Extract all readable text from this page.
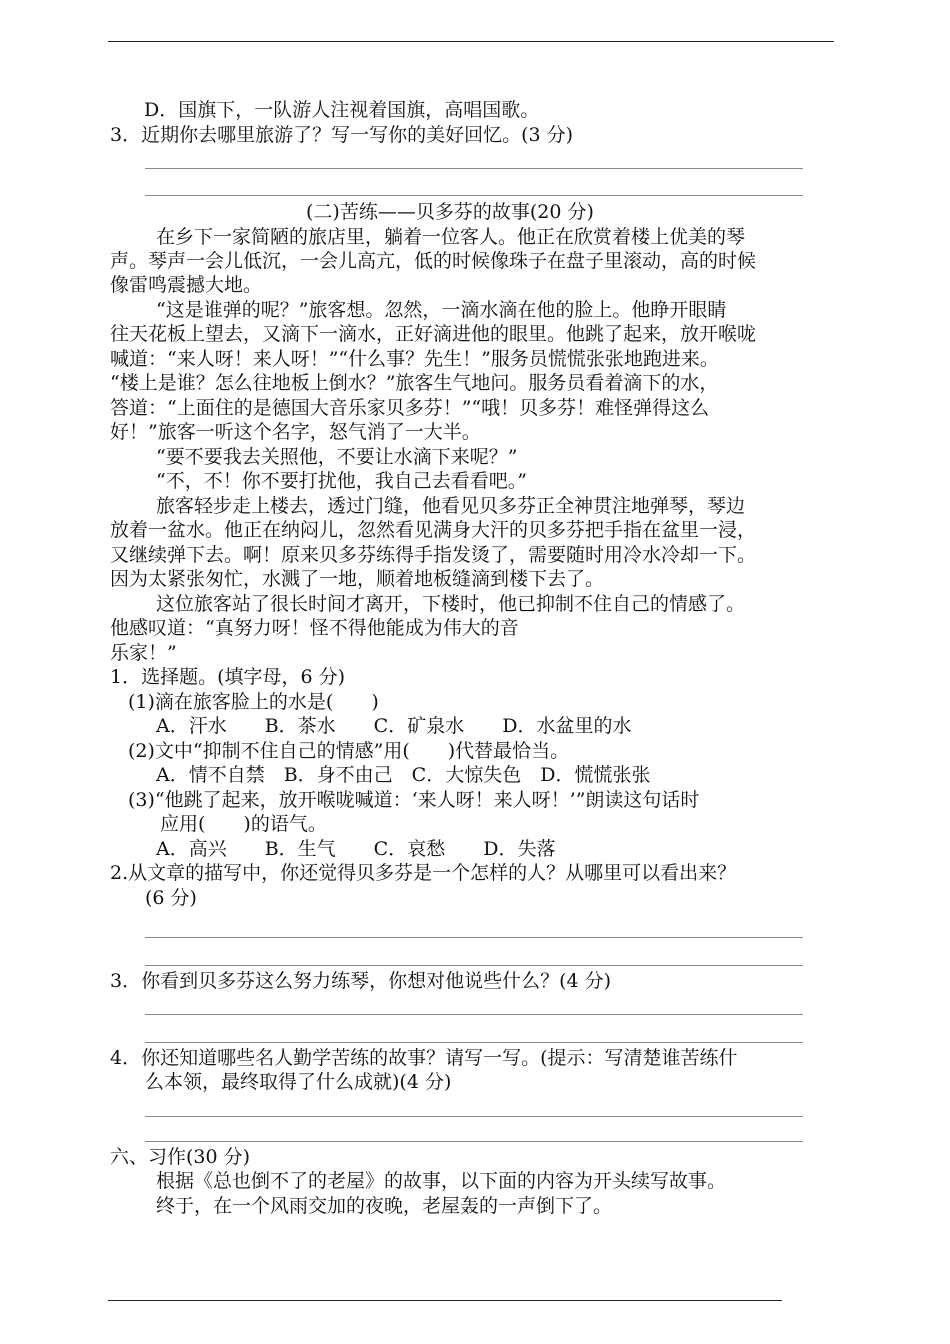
D．国旗下，一队游人注视着国旗，高唱国歌。
3．近期你去哪里旅游了？写一写你的美好回忆。(3 分)
(二)苦练——贝多芬的故事(20 分)
在乡下一家简陋的旅店里，躺着一位客人。他正在欣赏着楼上优美的琴
声。琴声一会儿低沉，一会儿高亢，低的时候像珠子在盘子里滚动，高的时候
像雷鸣震撼大地。
“这是谁弹的呢？”旅客想。忽然，一滴水滴在他的脸上。他睁开眼睛
往天花板上望去，又滴下一滴水，正好滴进他的眼里。他跳了起来，放开喉咙
喊道：“来人呀！来人呀！”“什么事？先生！”服务员慌慌张张地跑进来。
“楼上是谁？怎么往地板上倒水？”旅客生气地问。服务员看着滴下的水，
答道：“上面住的是德国大音乐家贝多芬！”“哦！贝多芬！难怪弹得这么
好！”旅客一听这个名字，怒气消了一大半。
“要不要我去关照他，不要让水滴下来呢？”
“不，不！你不要打扰他，我自己去看看吧。”
旅客轻步走上楼去，透过门缝，他看见贝多芬正全神贯注地弹琴，琴边
放着一盆水。他正在纳闷儿，忽然看见满身大汗的贝多芬把手指在盆里一浸，
又继续弹下去。啊！原来贝多芬练得手指发烫了，需要随时用冷水冷却一下。
因为太紧张匆忙，水溅了一地，顺着地板缝滴到楼下去了。
这位旅客站了很长时间才离开，下楼时，他已抑制不住自己的情感了。
他感叹道：“真努力呀！怪不得他能成为伟大的音
乐家！”
1．选择题。(填字母，6 分)
(1)滴在旅客脸上的水是(　　)
A．汗水　　B．茶水　　C．矿泉水　　D．水盆里的水
(2)文中“抑制不住自己的情感”用(　　)代替最恰当。
A．情不自禁　B．身不由己　C．大惊失色　D．慌慌张张
(3)“他跳了起来，放开喉咙喊道：‘来人呀！来人呀！’”朗读这句话时
应用(　　)的语气。
A．高兴　　B．生气　　C．哀愁　　D．失落
2.从文章的描写中，你还觉得贝多芬是一个怎样的人？从哪里可以看出来？
(6 分)
3．你看到贝多芬这么努力练琴，你想对他说些什么？(4 分)
4．你还知道哪些名人勤学苦练的故事？请写一写。(提示：写清楚谁苦练什
么本领，最终取得了什么成就)(4 分)
六、习作(30 分)
根据《总也倒不了的老屋》的故事，以下面的内容为开头续写故事。
终于，在一个风雨交加的夜晚，老屋轰的一声倒下了。
